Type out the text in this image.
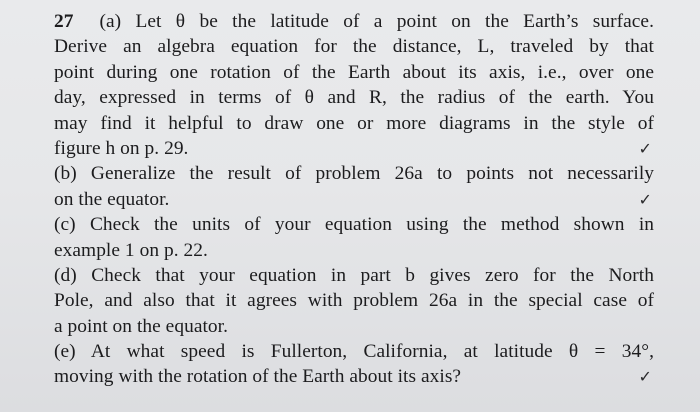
27 (a) Let θ be the latitude of a point on the Earth’s surface.
Derive an algebra equation for the distance, L, traveled by that
point during one rotation of the Earth about its axis, i.e., over one
day, expressed in terms of θ and R, the radius of the earth. You
may find it helpful to draw one or more diagrams in the style of
figure h on p. 29.	✓
(b) Generalize the result of problem 26a to points not necessarily
on the equator.	✓
(c) Check the units of your equation using the method shown in
example 1 on p. 22.
(d) Check that your equation in part b gives zero for the North
Pole, and also that it agrees with problem 26a in the special case of
a point on the equator.
(e) At what speed is Fullerton, California, at latitude θ = 34°,
moving with the rotation of the Earth about its axis?	✓
